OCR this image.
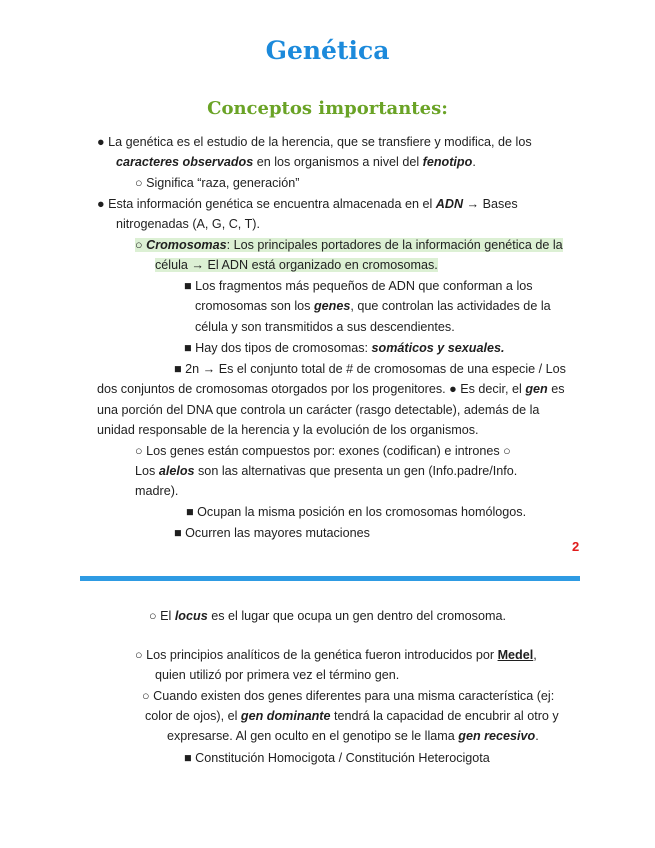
Genética
Conceptos importantes:
● La genética es el estudio de la herencia, que se transfiere y modifica, de los
caracteres observados en los organismos a nivel del fenotipo.
○ Significa “raza, generación”
● Esta información genética se encuentra almacenada en el ADN → Bases
nitrogenadas (A, G, C, T).
○ Cromosomas: Los principales portadores de la información genética de la
célula → El ADN está organizado en cromosomas.
■ Los fragmentos más pequeños de ADN que conforman a los
cromosomas son los genes, que controlan las actividades de la
célula y son transmitidos a sus descendientes.
■ Hay dos tipos de cromosomas: somáticos y sexuales.
■ 2n → Es el conjunto total de # de cromosomas de una especie / Los
dos conjuntos de cromosomas otorgados por los progenitores. ● Es decir, el gen es
una porción del DNA que controla un carácter (rasgo detectable), además de la
unidad responsable de la herencia y la evolución de los organismos.
○ Los genes están compuestos por: exones (codifican) e intrones ○
Los alelos son las alternativas que presenta un gen (Info.padre/Info.
madre).
■ Ocupan la misma posición en los cromosomas homólogos.
■ Ocurren las mayores mutaciones
2
○ El locus es el lugar que ocupa un gen dentro del cromosoma.
○ Los principios analíticos de la genética fueron introducidos por Medel,
quien utilizó por primera vez el término gen.
○ Cuando existen dos genes diferentes para una misma característica (ej:
color de ojos), el gen dominante tendrá la capacidad de encubrir al otro y
expresarse. Al gen oculto en el genotipo se le llama gen recesivo.
■ Constitución Homocigota / Constitución Heterocigota
